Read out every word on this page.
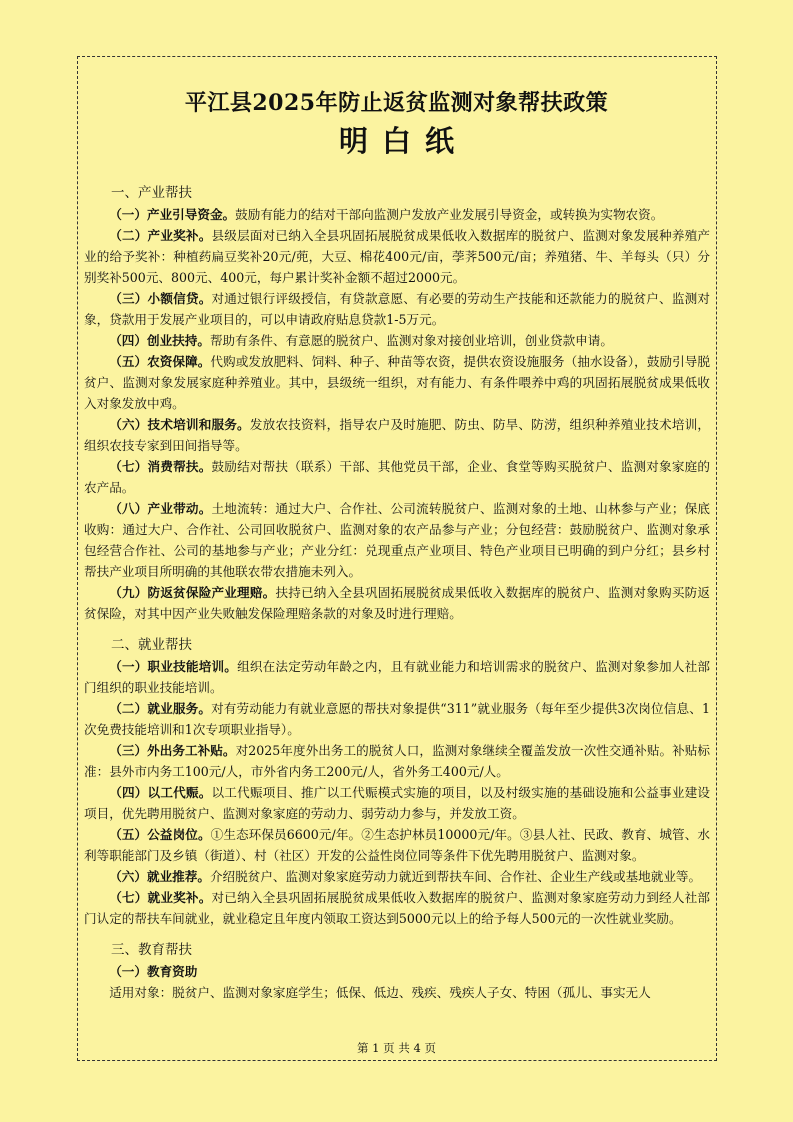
平江县2025年防止返贫监测对象帮扶政策
明白纸
一、产业帮扶

（一）产业引导资金。鼓励有能力的结对干部向监测户发放产业发展引导资金，或转换为实物农资。

（二）产业奖补。县级层面对已纳入全县巩固拓展脱贫成果低收入数据库的脱贫户、监测对象发展种养殖产业的给予奖补：种植药扁豆奖补20元/蔸，大豆、棉花400元/亩，荸荠500元/亩；养殖猪、牛、羊每头（只）分别奖补500元、800元、400元，每户累计奖补金额不超过2000元。

（三）小额信贷。对通过银行评级授信，有贷款意愿、有必要的劳动生产技能和还款能力的脱贫户、监测对象，贷款用于发展产业项目的，可以申请政府贴息贷款1-5万元。

（四）创业扶持。帮助有条件、有意愿的脱贫户、监测对象对接创业培训，创业贷款申请。

（五）农资保障。代购或发放肥料、饲料、种子、种苗等农资，提供农资设施服务（抽水设备），鼓励引导脱贫户、监测对象发展家庭种养殖业。其中，县级统一组织，对有能力、有条件喂养中鸡的巩固拓展脱贫成果低收入对象发放中鸡。

（六）技术培训和服务。发放农技资料，指导农户及时施肥、防虫、防旱、防涝，组织种养殖业技术培训，组织农技专家到田间指导等。

（七）消费帮扶。鼓励结对帮扶（联系）干部、其他党员干部，企业、食堂等购买脱贫户、监测对象家庭的农产品。

（八）产业带动。土地流转：通过大户、合作社、公司流转脱贫户、监测对象的土地、山林参与产业；保底收购：通过大户、合作社、公司回收脱贫户、监测对象的农产品参与产业；分包经营：鼓励脱贫户、监测对象承包经营合作社、公司的基地参与产业；产业分红：兑现重点产业项目、特色产业项目已明确的到户分红；县乡村帮扶产业项目所明确的其他联农带农措施未列入。

（九）防返贫保险产业理赔。扶持已纳入全县巩固拓展脱贫成果低收入数据库的脱贫户、监测对象购买防返贫保险，对其中因产业失败触发保险理赔条款的对象及时进行理赔。

二、就业帮扶

（一）职业技能培训。组织在法定劳动年龄之内，且有就业能力和培训需求的脱贫户、监测对象参加人社部门组织的职业技能培训。

（二）就业服务。对有劳动能力有就业意愿的帮扶对象提供“311”就业服务（每年至少提供3次岗位信息、1次免费技能培训和1次专项职业指导）。

（三）外出务工补贴。对2025年度外出务工的脱贫人口，监测对象继续全覆盖发放一次性交通补贴。补贴标准：县外市内务工100元/人，市外省内务工200元/人，省外务工400元/人。

（四）以工代赈。以工代赈项目、推广以工代赈模式实施的项目，以及村级实施的基础设施和公益事业建设项目，优先聘用脱贫户、监测对象家庭的劳动力、弱劳动力参与，并发放工资。

（五）公益岗位。①生态环保员6600元/年。②生态护林员10000元/年。③县人社、民政、教育、城管、水利等职能部门及乡镇（街道）、村（社区）开发的公益性岗位同等条件下优先聘用脱贫户、监测对象。

（六）就业推荐。介绍脱贫户、监测对象家庭劳动力就近到帮扶车间、合作社、企业生产线或基地就业等。

（七）就业奖补。对已纳入全县巩固拓展脱贫成果低收入数据库的脱贫户、监测对象家庭劳动力到经人社部门认定的帮扶车间就业，就业稳定且年度内领取工资达到5000元以上的给予每人500元的一次性就业奖励。

三、教育帮扶

（一）教育资助

适用对象：脱贫户、监测对象家庭学生；低保、低边、残疾、残疾人子女、特困（孤儿、事实无人

第 1 页 共 4 页
